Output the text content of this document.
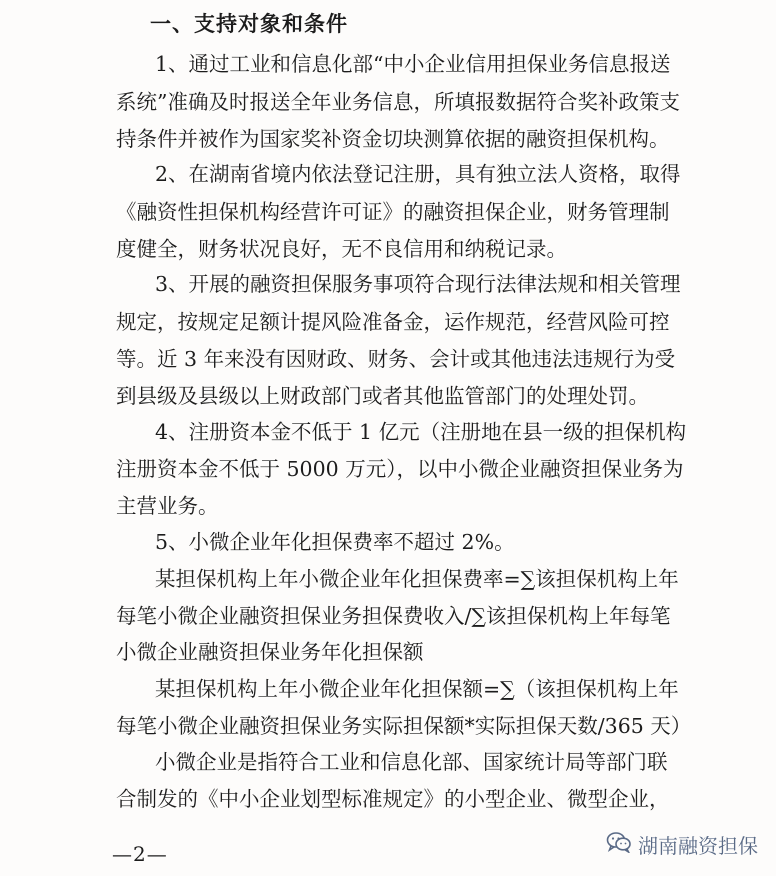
一、支持对象和条件
1、通过工业和信息化部“中小企业信用担保业务信息报送
系统”准确及时报送全年业务信息，所填报数据符合奖补政策支
持条件并被作为国家奖补资金切块测算依据的融资担保机构。
2、在湖南省境内依法登记注册，具有独立法人资格，取得
《融资性担保机构经营许可证》的融资担保企业，财务管理制
度健全，财务状况良好，无不良信用和纳税记录。
3、开展的融资担保服务事项符合现行法律法规和相关管理
规定，按规定足额计提风险准备金，运作规范，经营风险可控
等。近 3 年来没有因财政、财务、会计或其他违法违规行为受
到县级及县级以上财政部门或者其他监管部门的处理处罚。
4、注册资本金不低于 1 亿元（注册地在县一级的担保机构
注册资本金不低于 5000 万元），以中小微企业融资担保业务为
主营业务。
5、小微企业年化担保费率不超过 2%。
某担保机构上年小微企业年化担保费率=∑该担保机构上年
每笔小微企业融资担保业务担保费收入/∑该担保机构上年每笔
小微企业融资担保业务年化担保额
某担保机构上年小微企业年化担保额=∑（该担保机构上年
每笔小微企业融资担保业务实际担保额*实际担保天数/365 天）
小微企业是指符合工业和信息化部、国家统计局等部门联
合制发的《中小企业划型标准规定》的小型企业、微型企业，
—2—	湖南融资担保
